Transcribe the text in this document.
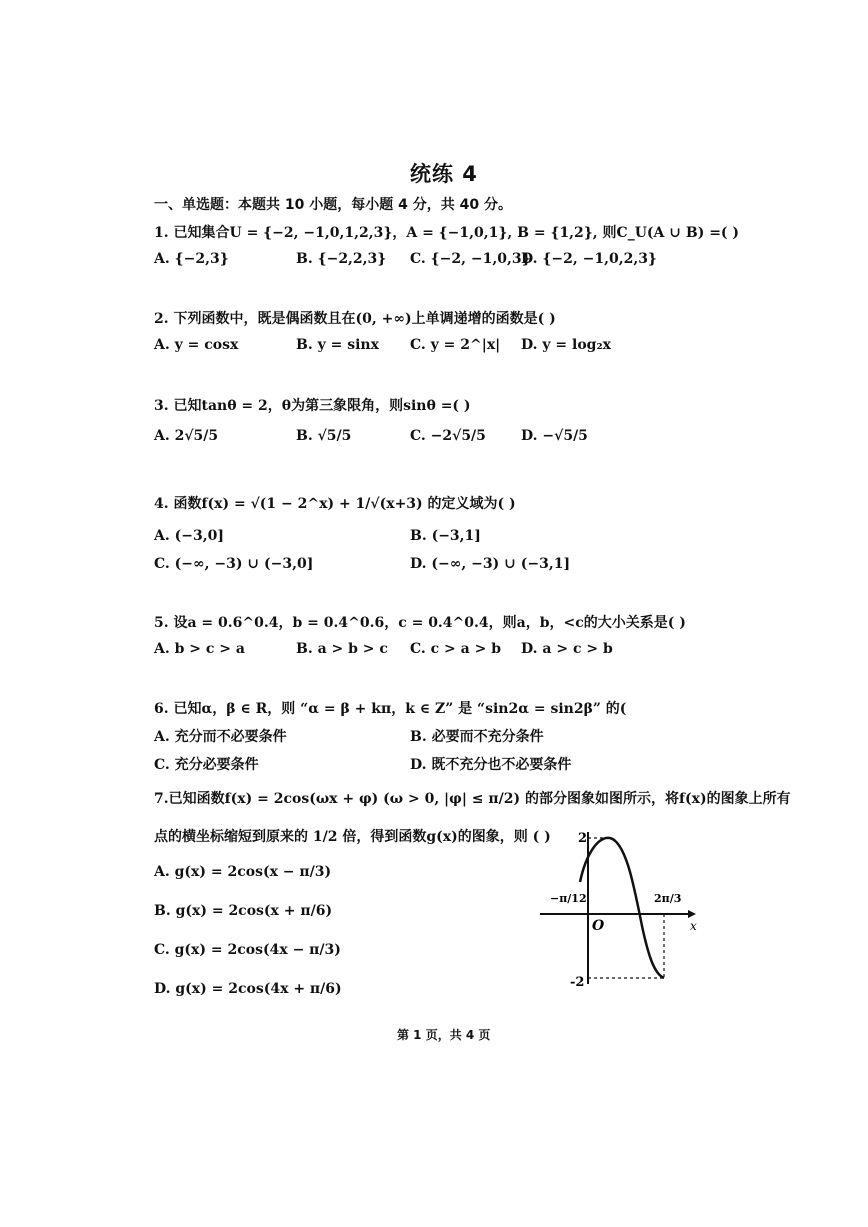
统练 4
一、单选题：本题共 10 小题，每小题 4 分，共 40 分。
1. 已知集合U = {−2, −1,0,1,2,3}，A = {−1,0,1}, B = {1,2}, 则C_U(A ∪ B) =( )
A. {−2,3}	B. {−2,2,3} C. {−2, −1,0,3}
D. {−2, −1,0,2,3}
2. 下列函数中，既是偶函数且在(0, +∞)上单调递增的函数是( )
A. y = cosx	B. y = sinx C. y = 2^|x| D. y = log₂x
3. 已知tanθ = 2，θ为第三象限角，则sinθ =( )
A. 2√5/5	B. √5/5	C. −2√5/5	D. −√5/5
4. 函数f(x) = √(1 − 2^x) + 1/√(x+3) 的定义域为( )
A. (−3,0]	B. (−3,1]
C. (−∞, −3) ∪ (−3,0]	D. (−∞, −3) ∪ (−3,1]
5. 设a = 0.6^0.4，b = 0.4^0.6，c = 0.4^0.4，则a，b，<c的大小关系是( )
A. b > c > a	B. a > b > c C. c > a > b D. a > c > b
6. 已知α，β ∈ R，则 “α = β + kπ，k ∈ Z” 是 “sin2α = sin2β” 的(
A. 充分而不必要条件	B. 必要而不充分条件
C. 充分必要条件	D. 既不充分也不必要条件
7.已知函数f(x) = 2cos(ωx + φ) (ω > 0, |φ| ≤ π/2) 的部分图象如图所示，将f(x)的图象上所有
点的横坐标缩短到原来的 1/2 倍，得到函数g(x)的图象，则 ( )
A. g(x) = 2cos(x − π/3)
B. g(x) = 2cos(x + π/6)
C. g(x) = 2cos(4x − π/3)
D. g(x) = 2cos(4x + π/6)
2
-2
−π/12	2π/3
O	x
第 1 页，共 4 页
